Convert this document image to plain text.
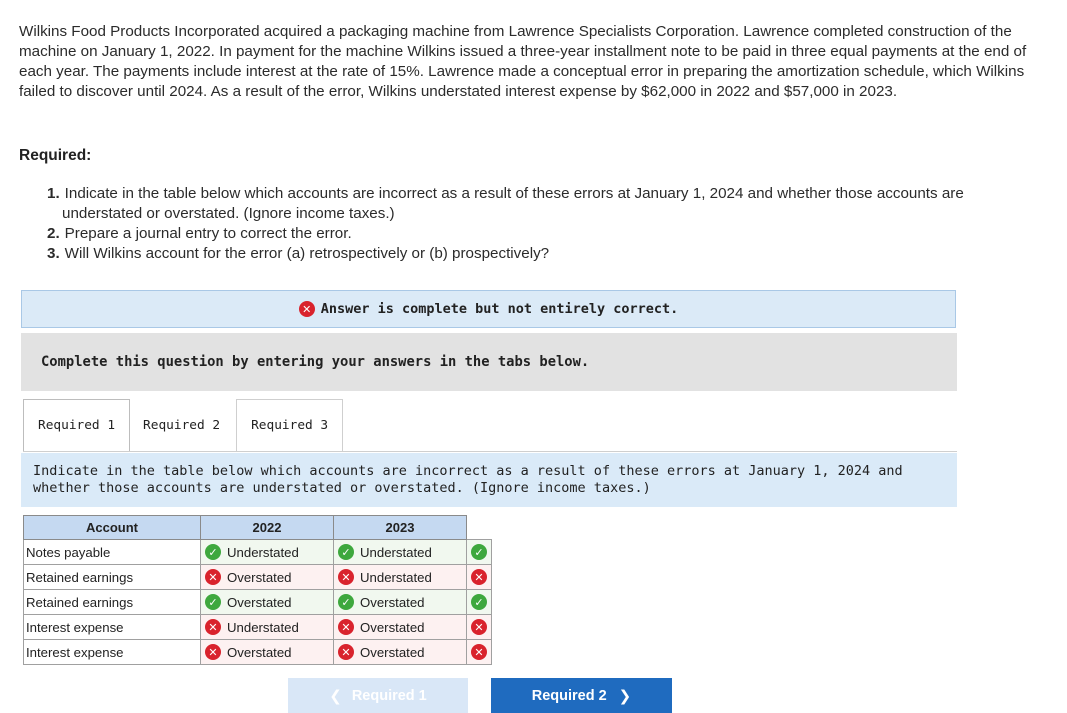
Wilkins Food Products Incorporated acquired a packaging machine from Lawrence Specialists Corporation. Lawrence completed construction of the machine on January 1, 2022. In payment for the machine Wilkins issued a three-year installment note to be paid in three equal payments at the end of each year. The payments include interest at the rate of 15%. Lawrence made a conceptual error in preparing the amortization schedule, which Wilkins failed to discover until 2024. As a result of the error, Wilkins understated interest expense by $62,000 in 2022 and $57,000 in 2023.
Required:
1. Indicate in the table below which accounts are incorrect as a result of these errors at January 1, 2024 and whether those accounts are understated or overstated. (Ignore income taxes.)
2. Prepare a journal entry to correct the error.
3. Will Wilkins account for the error (a) retrospectively or (b) prospectively?
✕ Answer is complete but not entirely correct.
Complete this question by entering your answers in the tabs below.
Required 1	Required 2	Required 3
Indicate in the table below which accounts are incorrect as a result of these errors at January 1, 2024 and whether those accounts are understated or overstated. (Ignore income taxes.)
Account	2022		2023		
Notes payable	✓	Understated	✓	Understated	✓
Retained earnings	✕	Overstated	✕	Understated	✕
Retained earnings	✓	Overstated	✓	Overstated	✓
Interest expense	✕	Understated	✕	Overstated	✕
Interest expense	✕	Overstated	✕	Overstated	✕
❮ Required 1	Required 2 ❯
